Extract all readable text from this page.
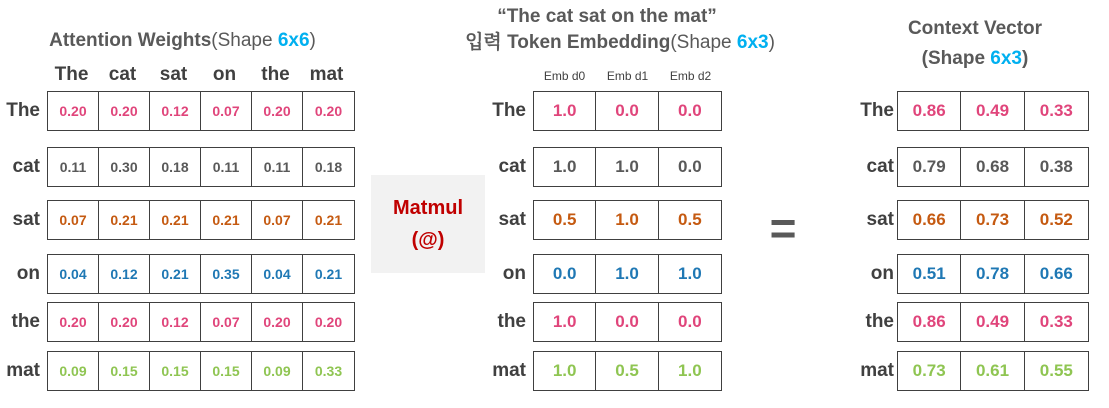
Attention Weights(Shape 6x6)
The	cat	sat	on	the	mat
The	0.20	0.20	0.12	0.07	0.20	0.20
cat	0.11	0.30	0.18	0.11	0.11	0.18
sat	0.07	0.21	0.21	0.21	0.07	0.21
on	0.04	0.12	0.21	0.35	0.04	0.21
the	0.20	0.20	0.12	0.07	0.20	0.20
mat	0.09	0.15	0.15	0.15	0.09	0.33
Matmul
(@)
“The cat sat on the mat”
입력 Token Embedding(Shape 6x3)
Emb d0	Emb d1	Emb d2
The	1.0	0.0	0.0
cat	1.0	1.0	0.0
sat	0.5	1.0	0.5
on	0.0	1.0	1.0
the	1.0	0.0	0.0
mat	1.0	0.5	1.0
=
Context Vector
(Shape 6x3)
The	0.86	0.49	0.33
cat	0.79	0.68	0.38
sat	0.66	0.73	0.52
on	0.51	0.78	0.66
the	0.86	0.49	0.33
mat	0.73	0.61	0.55
